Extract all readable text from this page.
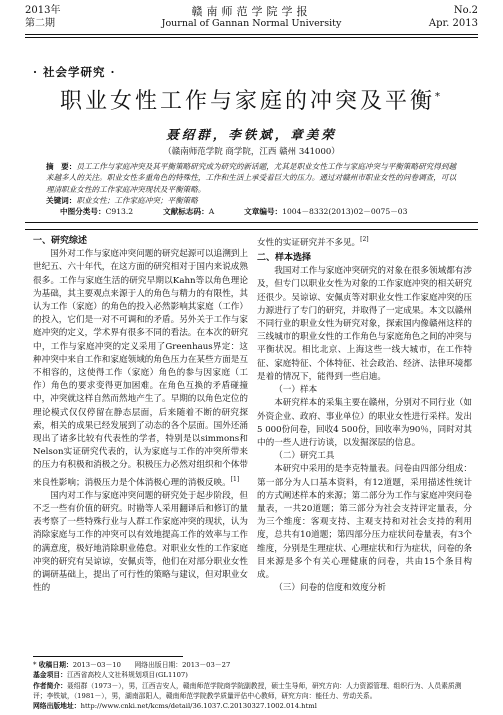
2013年
第二期
赣南师范学院学报
Journal of Gannan Normal University
No.2
Apr. 2013
· 社会学研究 ·
职业女性工作与家庭的冲突及平衡*
聂绍群，李铁斌，章美荣
（赣南师范学院 商学院，江西 赣州 341000）
摘　要：员工工作与家庭冲突及其平衡策略研究成为研究的新话题，尤其是职业女性工作与家庭冲突与平衡策略研究得到越来越多人的关注。职业女性多重角色的特殊性，工作和生活上承受着巨大的压力。通过对赣州市职业女性的问卷调查，可以理清职业女性的工作家庭冲突现状及平衡策略。
关键词：职业女性；工作家庭冲突；平衡策略
中图分类号：C913.2	文献标志码：A	文章编号：1004－8332(2013)02－0075－03
一、研究综述

国外对工作与家庭冲突问题的研究起源可以追溯到上世纪五、六十年代，在这方面的研究相对于国内来说成熟很多。工作与家庭生活的研究早期以Kahn等以角色理论为基础，其主要观点来源于人的角色与精力的有限性，其认为工作（家庭）的角色的投入必然影响其家庭（工作）的投入，它们是一对不可调和的矛盾。另外关于工作与家庭冲突的定义，学术界有很多不同的看法。在本次的研究中，工作与家庭冲突的定义采用了Greenhaus界定：这种冲突中来自工作和家庭领域的角色压力在某些方面是互不相容的，这使得工作（家庭）角色的参与因家庭（工作）角色的要求变得更加困难。在角色互换的矛盾碰撞中，冲突就这样自然而然地产生了。早期的以角色定位的理论模式仅仅停留在静态层面，后来随着不断的研究探索，相关的成果已经发展到了动态的各个层面。国外还涌现出了诸多比较有代表性的学者，特别是以simmons和Nelson实证研究代表的，认为家庭与工作的冲突所带来的压力有积极和消极之分。积极压力必然对组织和个体带来良性影响；消极压力是个体消极心理的消极反映。[1]

国内对工作与家庭冲突问题的研究处于起步阶段，但不乏一些有价值的研究。时勘等人采用翻译后和修订的量表考察了一些特殊行业与人群工作家庭冲突的现状，认为消除家庭与工作的冲突可以有效地提高工作的效率与工作的满意度，极好地消除职业倦怠。对职业女性的工作家庭冲突的研究有吴谅谅，安佩贞等，他们在对部分职业女性的调研基础上，提出了可行性的策略与建议，但对职业女性的

女性的实证研究并不多见。[2]

二、样本选择

我国对工作与家庭冲突研究的对象在很多领域都有涉及，但专门以职业女性为对象的工作家庭冲突的相关研究还很少。吴谅谅、安佩贞等对职业女性工作家庭冲突的压力源进行了专门的研究，并取得了一定成果。本文以赣州不同行业的职业女性为研究对象，探索国内像赣州这样的三线城市的职业女性的工作角色与家庭角色之间的冲突与平衡状况。相比北京、上海这些一线大城市，在工作特征、家庭特征、个体特征、社会政治、经济、法律环境都是着的情况下，能得到一些启迪。

（一）样本

本研究样本的采集主要在赣州，分别对不同行业（如外资企业、政府、事业单位）的职业女性进行采样。发出5 000份问卷，回收4 500份，回收率为90％，同时对其中的一些人进行访谈，以发掘深层的信息。

（二）研究工具

本研究中采用的是李克特量表。问卷由四部分组成：第一部分为人口基本资料，有12道题，采用描述性统计的方式阐述样本的来源；第二部分为工作与家庭冲突问卷量表，一共20道题；第三部分为社会支持评定量表，分为三个维度：客观支持、主观支持和对社会支持的利用度，总共有10道题；第四部分压力症状问卷量表，有3个维度，分别是生理症状、心理症状和行为症状，问卷的条目来源是多个有关心理健康的问卷，共由15个条目构成。

（三）问卷的信度和效度分析
* 收稿日期：2013－03－10　　网络出版日期：2013－03－27
基金项目：江西省高校人文社科规划项目(GL1107)
作者简介：聂绍群（1973－），男，江西吉安人，赣南师范学院商学院副教授，硕士生导师，研究方向：人力资源管理、组织行为、人员素质测评；李铁斌，（1981－），男，湖南邵阳人，赣南师范学院教学质量评估中心教师，研究方向：能任力、劳动关系。
网络出版地址：http://www.cnki.net/kcms/detail/36.1037.C.20130327.1002.014.html
